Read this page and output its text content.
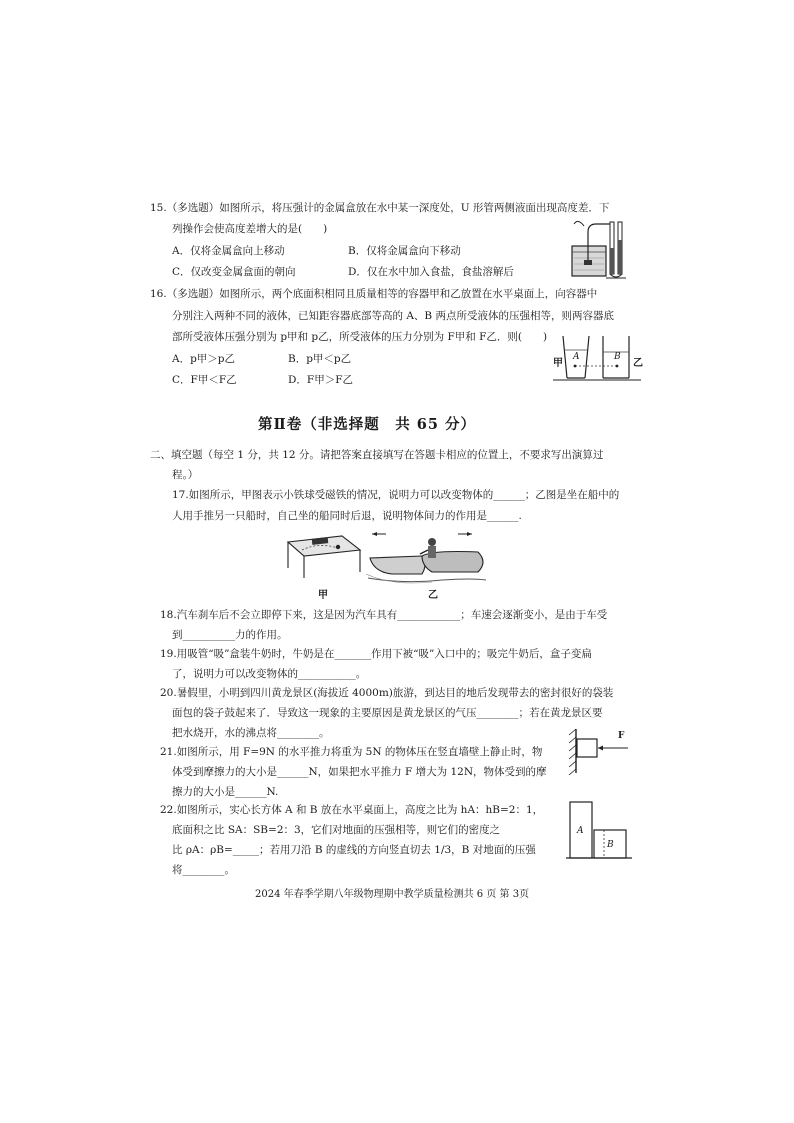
15.（多选题）如图所示，将压强计的金属盒放在水中某一深度处，U 形管两侧液面出现高度差．下
列操作会使高度差增大的是(　　)
A．仅将金属盒向上移动	B．仅将金属盒向下移动
C．仅改变金属盒面的朝向	D．仅在水中加入食盐，食盐溶解后
16.（多选题）如图所示，两个底面积相同且质量相等的容器甲和乙放置在水平桌面上，向容器中
分别注入两种不同的液体，已知距容器底部等高的 A、B 两点所受液体的压强相等，则两容器底
部所受液体压强分别为 p甲和 p乙，所受液体的压力分别为 F甲和 F乙．则(　　)
A．p甲＞p乙	B．p甲＜p乙
C．F甲＜F乙	D．F甲＞F乙
甲	乙
A	B
第Ⅱ卷（非选择题　共 65 分）
二、填空题（每空 1 分，共 12 分。请把答案直接填写在答题卡相应的位置上，不要求写出演算过
程。）
17.如图所示，甲图表示小铁球受磁铁的情况，说明力可以改变物体的______；乙图是坐在船中的
人用手推另一只船时，自己坐的船同时后退，说明物体间力的作用是______.
甲	乙
18.汽车刹车后不会立即停下来，这是因为汽车具有____________；车速会逐渐变小，是由于车受
到__________力的作用。
19.用吸管“吸”盒装牛奶时，牛奶是在_______作用下被“吸”入口中的；吸完牛奶后，盒子变扁
了，说明力可以改变物体的___________。
20.暑假里，小明到四川黄龙景区(海拔近 4000m)旅游，到达目的地后发现带去的密封很好的袋装
面包的袋子鼓起来了．导致这一现象的主要原因是黄龙景区的气压________；若在黄龙景区要
把水烧开，水的沸点将________。
21.如图所示，用 F=9N 的水平推力将重为 5N 的物体压在竖直墙壁上静止时，物
体受到摩擦力的大小是______N，如果把水平推力 F 增大为 12N，物体受到的摩
擦力的大小是______N.
F
22.如图所示，实心长方体 A 和 B 放在水平桌面上，高度之比为 hA：hB=2：1，
底面积之比 SA：SB=2：3，它们对地面的压强相等，则它们的密度之
比 ρA：ρB=_____；若用刀沿 B 的虚线的方向竖直切去 1/3，B 对地面的压强
将________。
A
B
2024 年春季学期八年级物理期中教学质量检测共 6 页 第 3页
